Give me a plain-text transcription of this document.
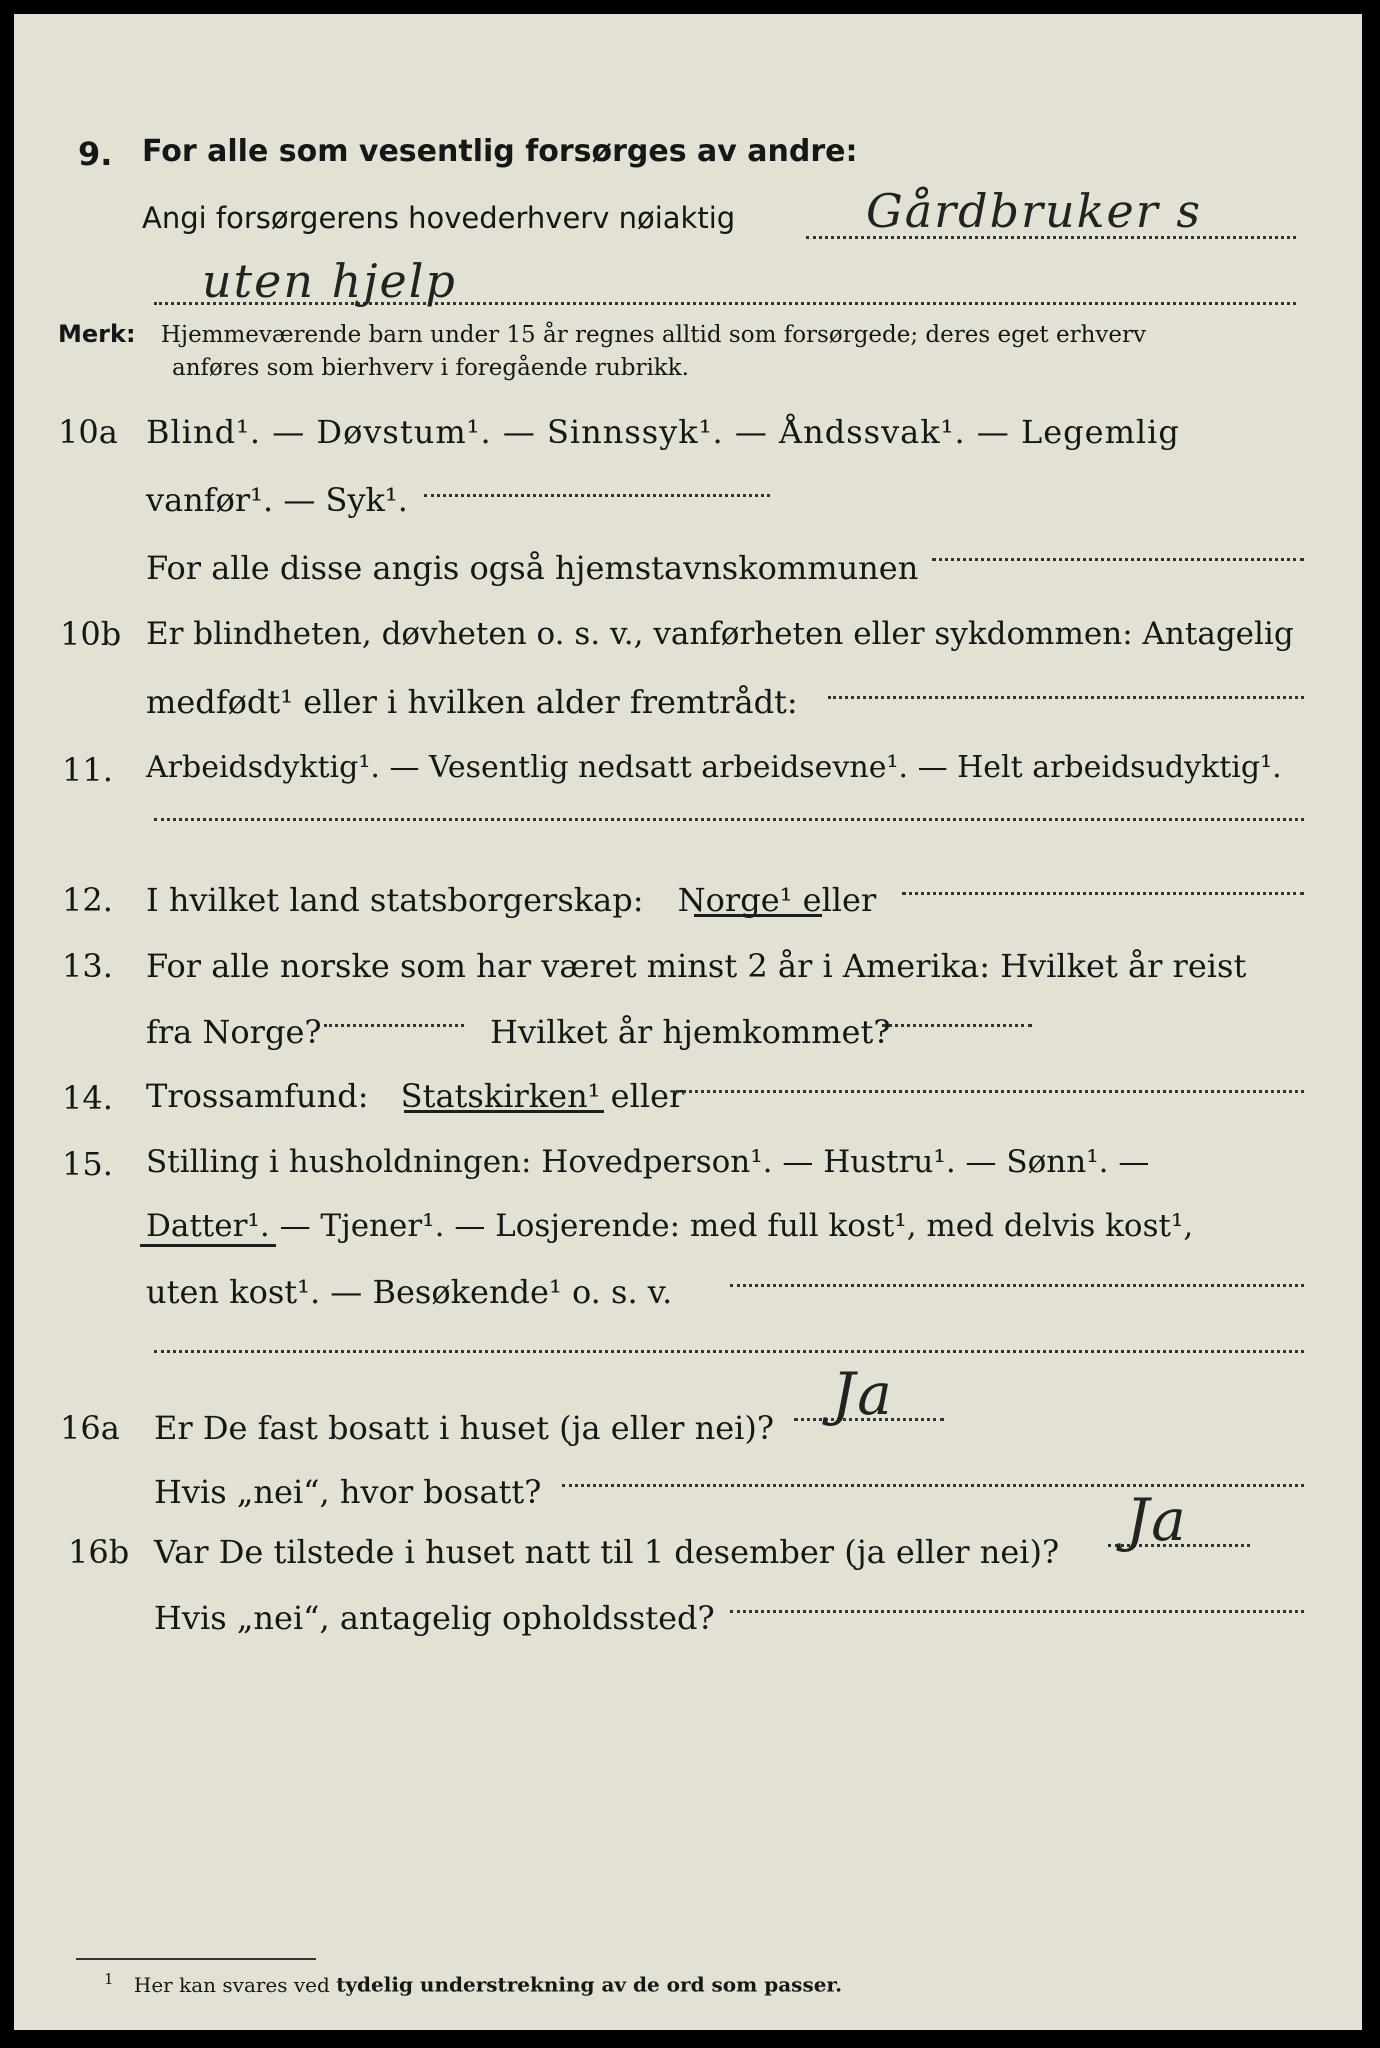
9. For alle som vesentlig forsørges av andre:
Angi forsørgerens hovederhverv nøiaktig	Gårdbruker s
uten hjelp
Merk: Hjemmeværende barn under 15 år regnes alltid som forsørgede; deres eget erhverv
anføres som bierhverv i foregående rubrikk.
10a Blind¹. — Døvstum¹. — Sinnssyk¹. — Åndssvak¹. — Legemlig
vanfør¹. — Syk¹.
For alle disse angis også hjemstavnskommunen
10b Er blindheten, døvheten o. s. v., vanførheten eller sykdommen: Antagelig
medfødt¹ eller i hvilken alder fremtrådt:
11. Arbeidsdyktig¹. — Vesentlig nedsatt arbeidsevne¹. — Helt arbeidsudyktig¹.
12. I hvilket land statsborgerskap: Norge¹ eller
13. For alle norske som har været minst 2 år i Amerika: Hvilket år reist
fra Norge?	Hvilket år hjemkommet?
14. Trossamfund: Statskirken¹ eller
15. Stilling i husholdningen: Hovedperson¹. — Hustru¹. — Sønn¹. —
Datter¹. — Tjener¹. — Losjerende: med full kost¹, med delvis kost¹,
uten kost¹. — Besøkende¹ o. s. v.
16a Er De fast bosatt i huset (ja eller nei)? Ja
Hvis „nei“, hvor bosatt?
16b Var De tilstede i huset natt til 1 desember (ja eller nei)? Ja
Hvis „nei“, antagelig opholdssted?
$^1$ Her kan svares ved tydelig understrekning av de ord som passer.
